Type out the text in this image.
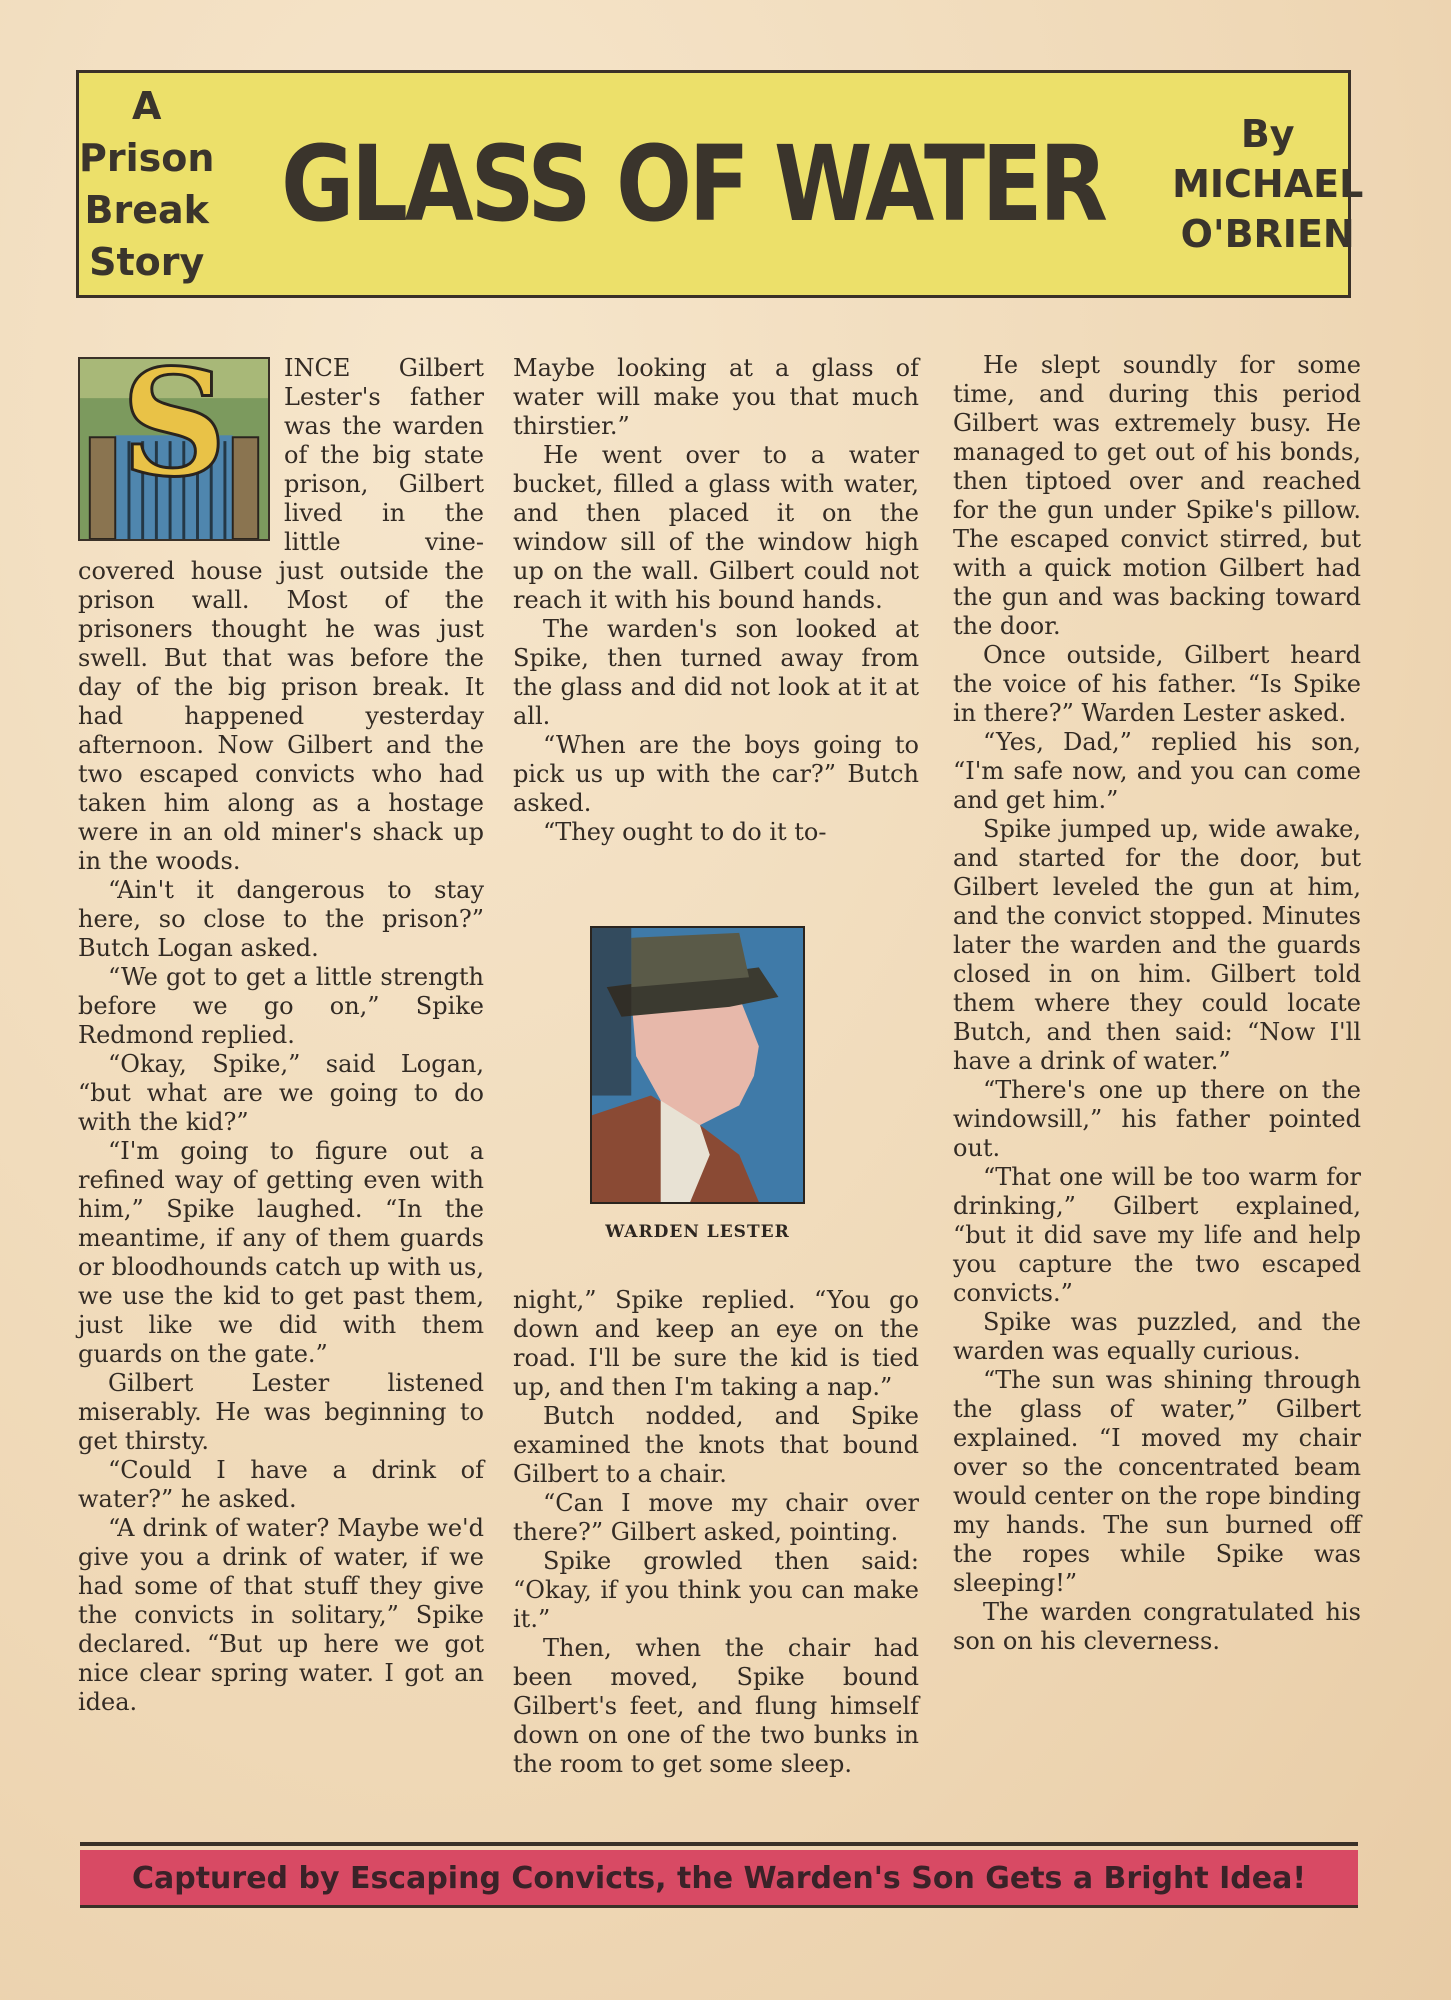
A Prison
Break
Story
GLASS OF WATER	By
MICHAEL
O'BRIEN
S	INCE Gilbert Lester's father was the warden of the big state prison, Gilbert lived in the little vine-covered house just outside the prison wall. Most of the prisoners thought he was just swell. But that was before the day of the big prison break. It had happened yesterday afternoon. Now Gilbert and the two escaped convicts who had taken him along as a hostage were in an old miner's shack up in the woods.

“Ain't it dangerous to stay here, so close to the prison?” Butch Logan asked.

“We got to get a little strength before we go on,” Spike Redmond replied.

“Okay, Spike,” said Logan, “but what are we going to do with the kid?”

“I'm going to figure out a refined way of getting even with him,” Spike laughed. “In the meantime, if any of them guards or bloodhounds catch up with us, we use the kid to get past them, just like we did with them guards on the gate.”

Gilbert Lester listened miserably. He was beginning to get thirsty.

“Could I have a drink of water?” he asked.

“A drink of water? Maybe we'd give you a drink of water, if we had some of that stuff they give the convicts in solitary,” Spike declared. “But up here we got nice clear spring water. I got an idea.

Maybe looking at a glass of water will make you that much thirstier.”

He went over to a water bucket, filled a glass with water, and then placed it on the window sill of the window high up on the wall. Gilbert could not reach it with his bound hands.

The warden's son looked at Spike, then turned away from the glass and did not look at it at all.

“When are the boys going to pick us up with the car?” Butch asked.

“They ought to do it to-

WARDEN LESTER

night,” Spike replied. “You go down and keep an eye on the road. I'll be sure the kid is tied up, and then I'm taking a nap.”

Butch nodded, and Spike examined the knots that bound Gilbert to a chair.

“Can I move my chair over there?” Gilbert asked, pointing.

Spike growled then said: “Okay, if you think you can make it.”

Then, when the chair had been moved, Spike bound Gilbert's feet, and flung himself down on one of the two bunks in the room to get some sleep.

He slept soundly for some time, and during this period Gilbert was extremely busy. He managed to get out of his bonds, then tiptoed over and reached for the gun under Spike's pillow. The escaped convict stirred, but with a quick motion Gilbert had the gun and was backing toward the door.

Once outside, Gilbert heard the voice of his father. “Is Spike in there?” Warden Lester asked.

“Yes, Dad,” replied his son, “I'm safe now, and you can come and get him.”

Spike jumped up, wide awake, and started for the door, but Gilbert leveled the gun at him, and the convict stopped. Minutes later the warden and the guards closed in on him. Gilbert told them where they could locate Butch, and then said: “Now I'll have a drink of water.”

“There's one up there on the windowsill,” his father pointed out.

“That one will be too warm for drinking,” Gilbert explained, “but it did save my life and help you capture the two escaped convicts.”

Spike was puzzled, and the warden was equally curious.

“The sun was shining through the glass of water,” Gilbert explained. “I moved my chair over so the concentrated beam would center on the rope binding my hands. The sun burned off the ropes while Spike was sleeping!”

The warden congratulated his son on his cleverness.

Captured by Escaping Convicts, the Warden's Son Gets a Bright Idea!
